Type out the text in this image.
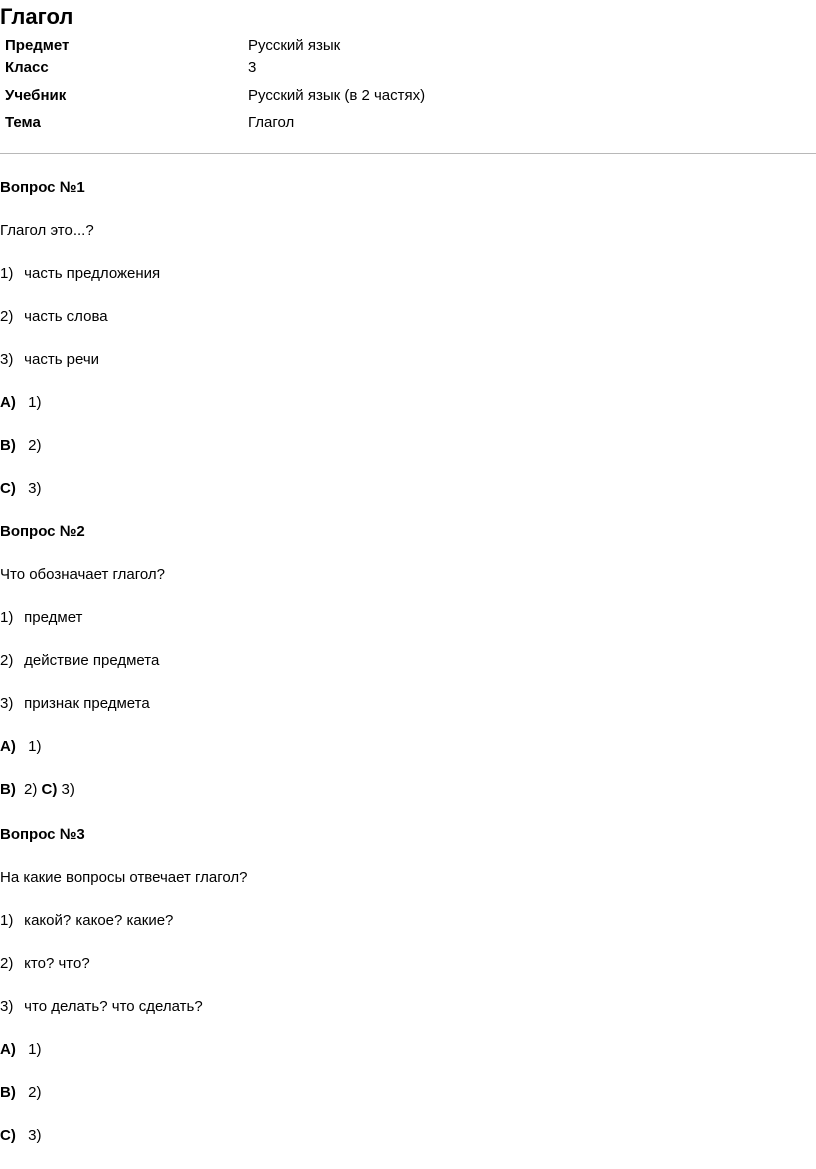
Глагол
Предмет	Русский язык
Класс	3
Учебник	Русский язык (в 2 частях)
Тема	Глагол
Вопрос №1
Глагол это...?
1) часть предложения
2) часть слова
3) часть речи
A) 1)
B) 2)
C) 3)
Вопрос №2
Что обозначает глагол?
1) предмет
2) действие предмета
3) признак предмета
A) 1)
B) 2) C) 3)
Вопрос №3
На какие вопросы отвечает глагол?
1) какой? какое? какие?
2) кто? что?
3) что делать? что сделать?
A) 1)
B) 2)
C) 3)
